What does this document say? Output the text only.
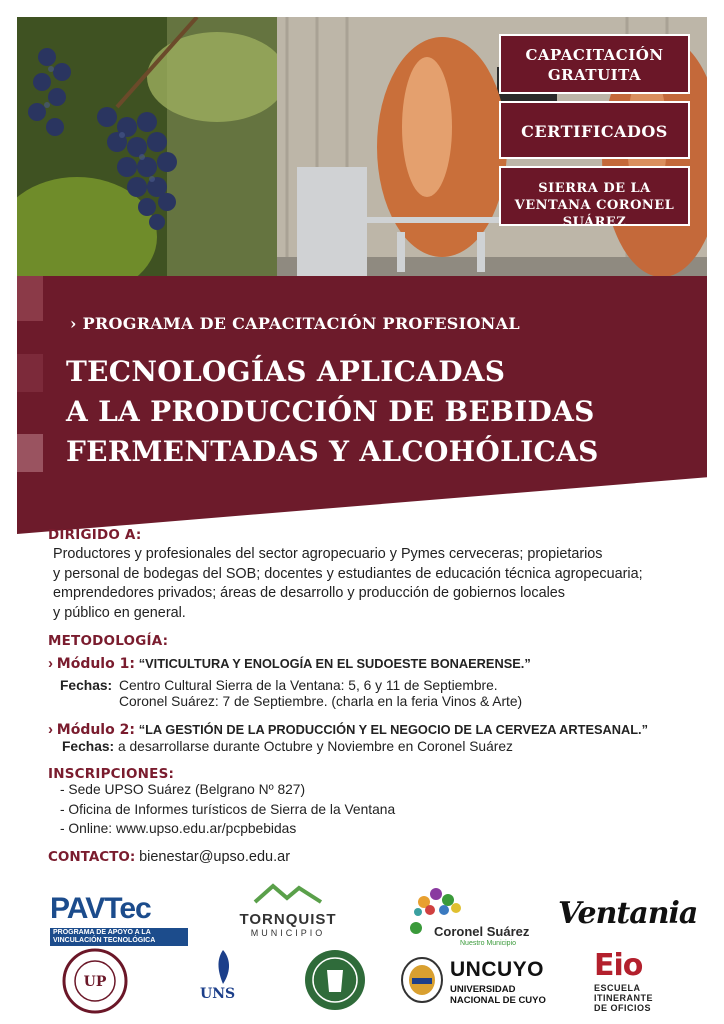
CAPACITACIÓN GRATUITA
CERTIFICADOS
SIERRA DE LA VENTANA CORONEL SUÁREZ
› PROGRAMA DE CAPACITACIÓN PROFESIONAL
TECNOLOGÍAS APLICADAS
A LA PRODUCCIÓN DE BEBIDAS
FERMENTADAS Y ALCOHÓLICAS
DIRIGIDO A:
Productores y profesionales del sector agropecuario y Pymes cerveceras; propietarios
y personal de bodegas del SOB; docentes y estudiantes de educación técnica agropecuaria;
emprendedores privados; áreas de desarrollo y producción de gobiernos locales
y público en general.
METODOLOGÍA:
› Módulo 1: “VITICULTURA Y ENOLOGÍA EN EL SUDOESTE BONAERENSE.”
Fechas: Centro Cultural Sierra de la Ventana: 5, 6 y 11 de Septiembre.
Coronel Suárez: 7 de Septiembre. (charla en la feria Vinos & Arte)
› Módulo 2: “LA GESTIÓN DE LA PRODUCCIÓN Y EL NEGOCIO DE LA CERVEZA ARTESANAL.”
Fechas: a desarrollarse durante Octubre y Noviembre en Coronel Suárez
INSCRIPCIONES:
- Sede UPSO Suárez (Belgrano Nº 827)
- Oficina de Informes turísticos de Sierra de la Ventana
- Online: www.upso.edu.ar/pcpbebidas
CONTACTO: bienestar@upso.edu.ar
PAVTec
PROGRAMA DE APOYO A LA VINCULACIÓN TECNOLÓGICA
TORNQUIST
MUNICIPIO	Coronel Suárez
Nuestro Municipio
Ventania
UP
UNS
UNCUYO
UNIVERSIDAD
NACIONAL DE CUYO
Eio
ESCUELA
ITINERANTE
DE OFICIOS
